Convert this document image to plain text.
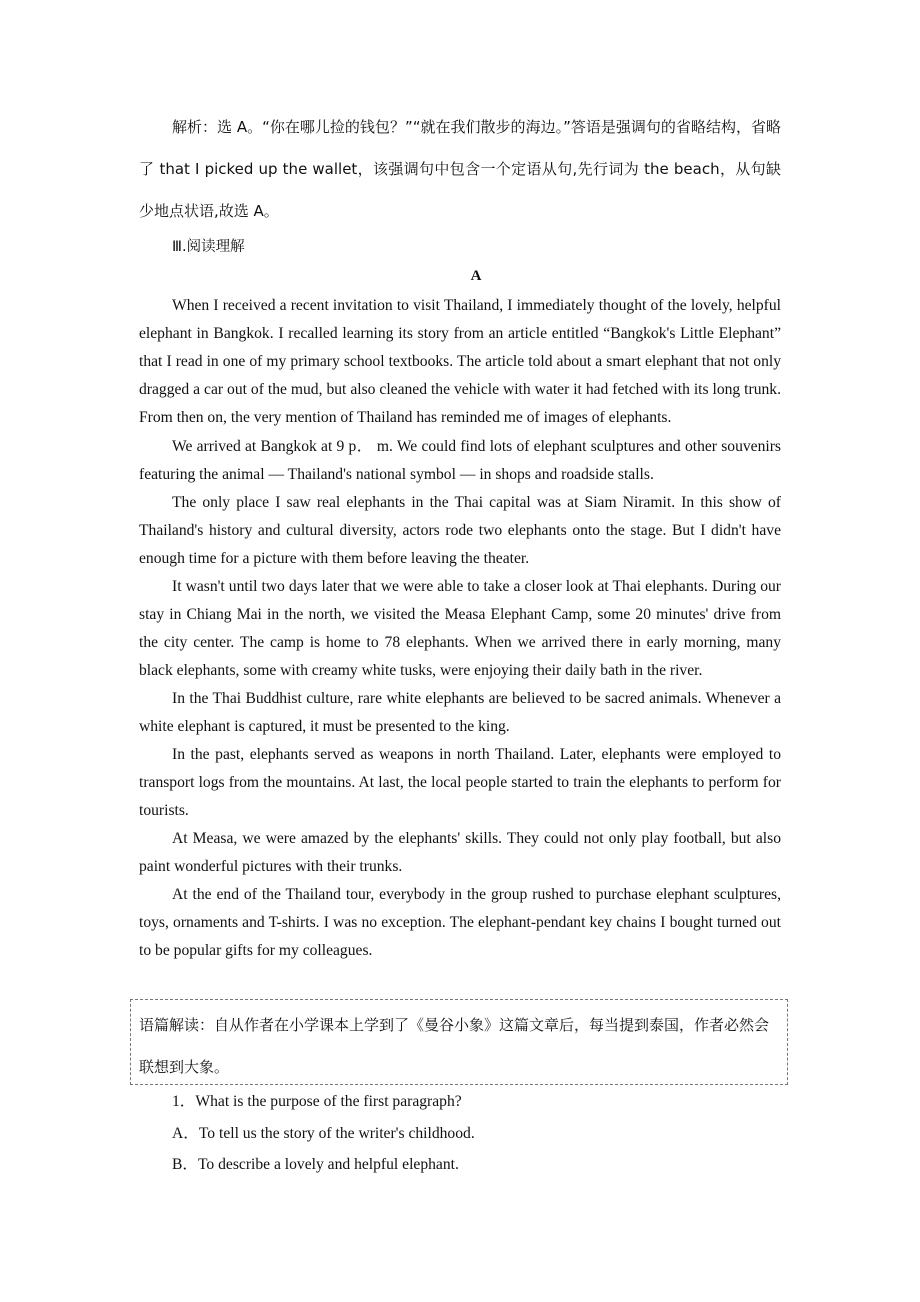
解析：选 A。“你在哪儿捡的钱包？”“就在我们散步的海边。”答语是强调句的省略结构，省略了 that I picked up the wallet，该强调句中包含一个定语从句,先行词为 the beach，从句缺少地点状语,故选 A。

Ⅲ.阅读理解
A

When I received a recent invitation to visit Thailand, I immediately thought of the lovely, helpful elephant in Bangkok. I recalled learning its story from an article entitled “Bangkok's Little Elephant” that I read in one of my primary school textbooks. The article told about a smart elephant that not only dragged a car out of the mud, but also cleaned the vehicle with water it had fetched with its long trunk. From then on, the very mention of Thailand has reminded me of images of elephants.

We arrived at Bangkok at 9 p． m. We could find lots of elephant sculptures and other souvenirs featuring the animal — Thailand's national symbol — in shops and roadside stalls.

The only place I saw real elephants in the Thai capital was at Siam Niramit. In this show of Thailand's history and cultural diversity, actors rode two elephants onto the stage. But I didn't have enough time for a picture with them before leaving the theater.

It wasn't until two days later that we were able to take a closer look at Thai elephants. During our stay in Chiang Mai in the north, we visited the Measa Elephant Camp, some 20 minutes' drive from the city center. The camp is home to 78 elephants. When we arrived there in early morning, many black elephants, some with creamy white tusks, were enjoying their daily bath in the river.

In the Thai Buddhist culture, rare white elephants are believed to be sacred animals. Whenever a white elephant is captured, it must be presented to the king.

In the past, elephants served as weapons in north Thailand. Later, elephants were employed to transport logs from the mountains. At last, the local people started to train the elephants to perform for tourists.

At Measa, we were amazed by the elephants' skills. They could not only play football, but also paint wonderful pictures with their trunks.

At the end of the Thailand tour, everybody in the group rushed to purchase elephant sculptures, toys, ornaments and T-shirts. I was no exception. The elephant-pendant key chains I bought turned out to be popular gifts for my colleagues.

语篇解读：自从作者在小学课本上学到了《曼谷小象》这篇文章后，每当提到泰国，作者必然会联想到大象。
1．What is the purpose of the first paragraph?
A．To tell us the story of the writer's childhood.
B．To describe a lovely and helpful elephant.
